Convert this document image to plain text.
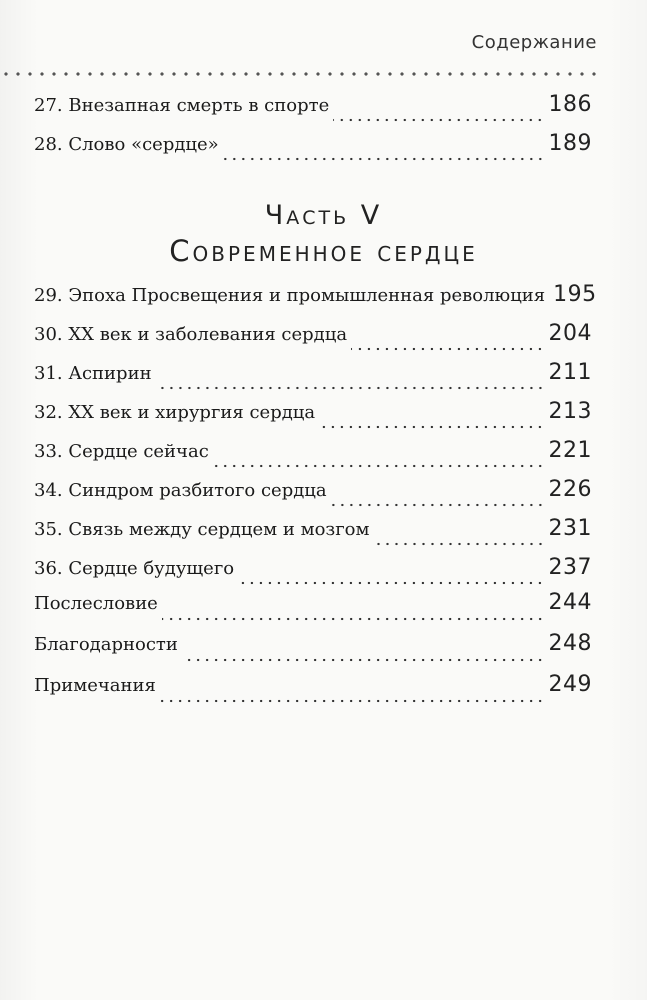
Содержание
27. Внезапная смерть в спорте	186
28. Слово «сердце»	189
Часть V
Современное сердце
29. Эпоха Просвещения и промышленная революция 195
30. XX век и заболевания сердца	204
31. Аспирин	211
32. XX век и хирургия сердца	213
33. Сердце сейчас	221
34. Синдром разбитого сердца	226
35. Связь между сердцем и мозгом	231
36. Сердце будущего	237
Послесловие	244
Благодарности	248
Примечания	249
